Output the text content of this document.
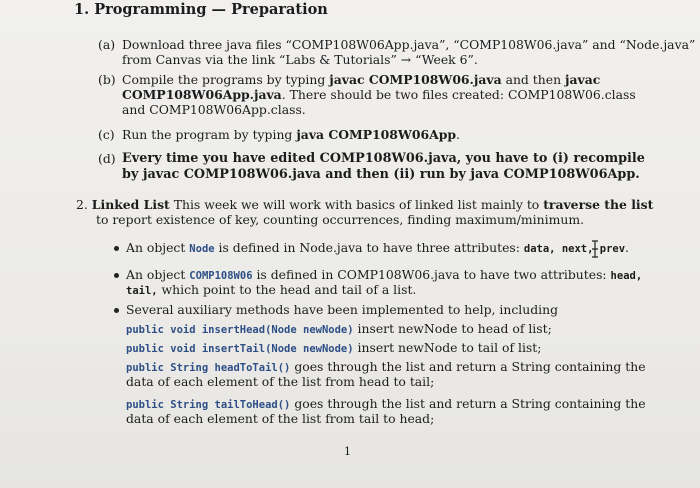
1. Programming — Preparation
(a) Download three java files “COMP108W06App.java”, “COMP108W06.java” and “Node.java”
from Canvas via the link “Labs & Tutorials” → “Week 6”.
(b) Compile the programs by typing javac COMP108W06.java and then javac
COMP108W06App.java. There should be two files created: COMP108W06.class
and COMP108W06App.class.
(c) Run the program by typing java COMP108W06App.
(d) Every time you have edited COMP108W06.java, you have to (i) recompile
by javac COMP108W06.java and then (ii) run by java COMP108W06App.
2. Linked List This week we will work with basics of linked list mainly to traverse the list
to report existence of key, counting occurrences, finding maximum/minimum.
An object Node is defined in Node.java to have three attributes: data, next, prev.
An object COMP108W06 is defined in COMP108W06.java to have two attributes: head,
tail, which point to the head and tail of a list.
Several auxiliary methods have been implemented to help, including
public void insertHead(Node newNode) insert newNode to head of list;
public void insertTail(Node newNode) insert newNode to tail of list;
public String headToTail() goes through the list and return a String containing the
data of each element of the list from head to tail;
public String tailToHead() goes through the list and return a String containing the
data of each element of the list from tail to head;
1
